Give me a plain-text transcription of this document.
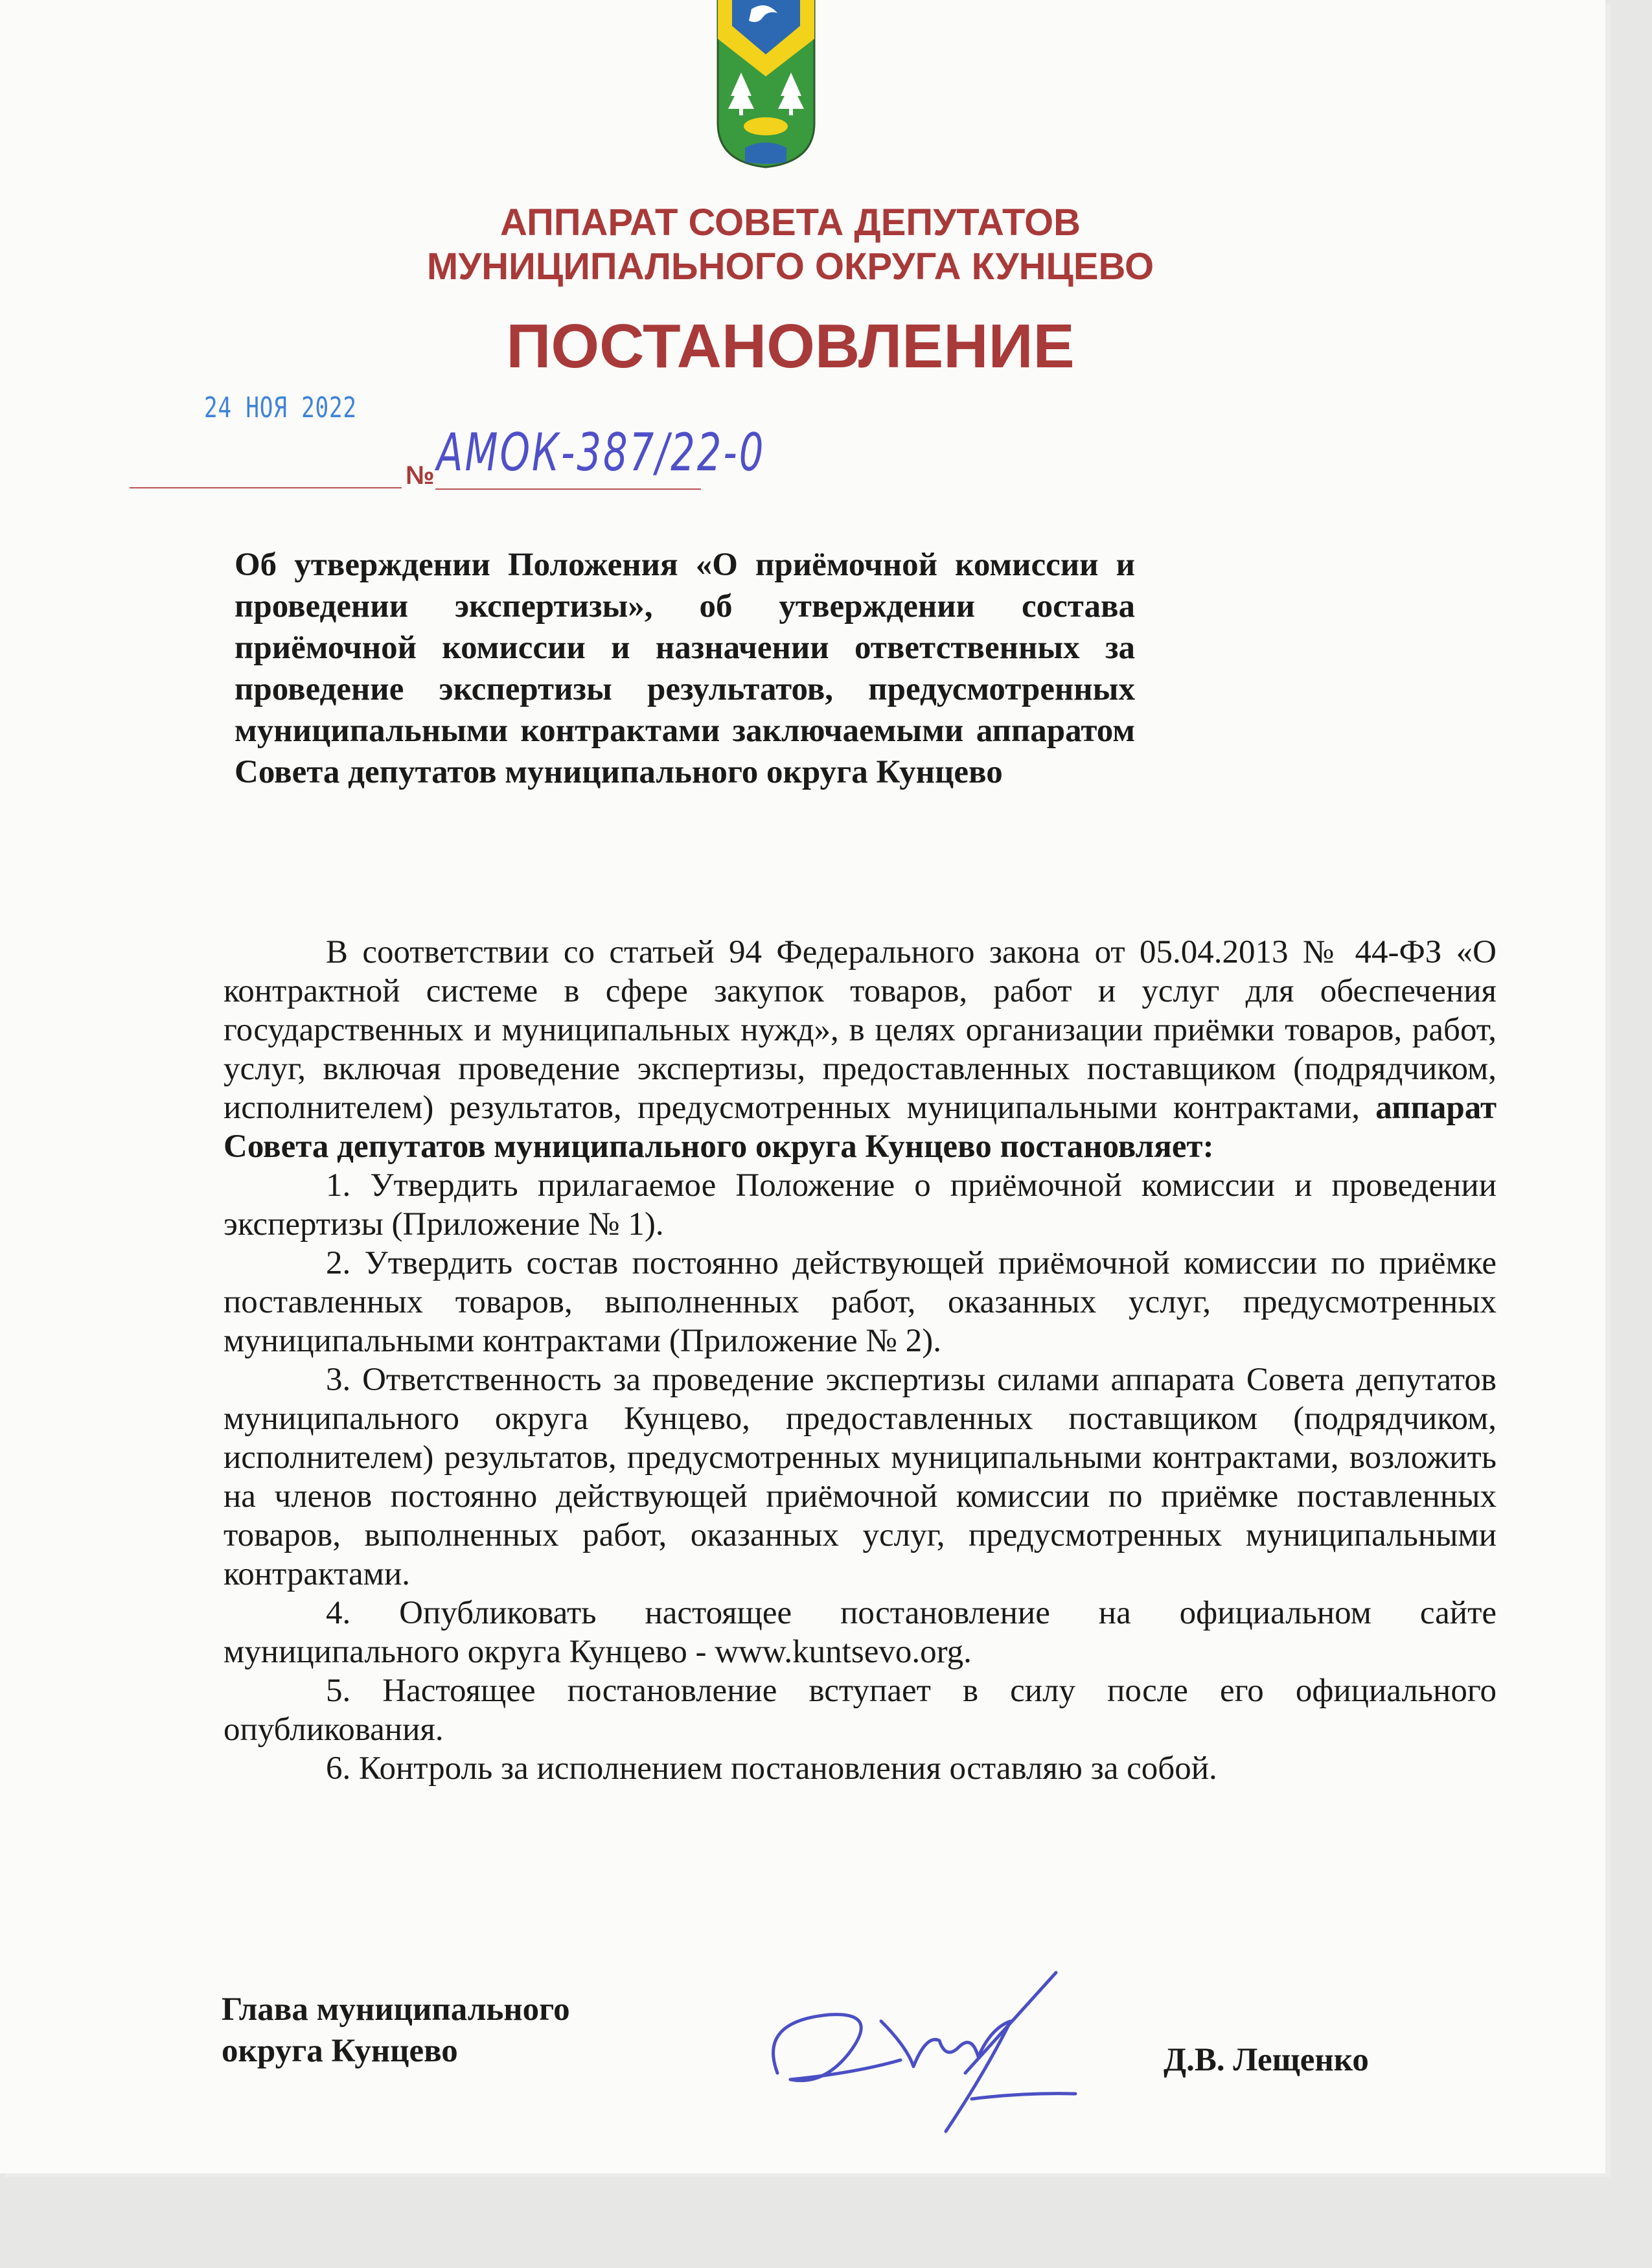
АППАРАТ СОВЕТА ДЕПУТАТОВ
МУНИЦИПАЛЬНОГО ОКРУГА КУНЦЕВО
ПОСТАНОВЛЕНИЕ
24 НОЯ 2022
№ АМОК-387/22-0
Об утверждении Положения «О приёмочной комиссии и проведении экспертизы», об утверждении состава приёмочной комиссии и назначении ответственных за проведение экспертизы результатов, предусмотренных муниципальными контрактами заключаемыми аппаратом Совета депутатов муниципального округа Кунцево

В соответствии со статьей 94 Федерального закона от 05.04.2013 № 44-ФЗ «О контрактной системе в сфере закупок товаров, работ и услуг для обеспечения государственных и муниципальных нужд», в целях организации приёмки товаров, работ, услуг, включая проведение экспертизы, предоставленных поставщиком (подрядчиком, исполнителем) результатов, предусмотренных муниципальными контрактами, аппарат Совета депутатов муниципального округа Кунцево постановляет:

1. Утвердить прилагаемое Положение о приёмочной комиссии и проведении экспертизы (Приложение № 1).

2. Утвердить состав постоянно действующей приёмочной комиссии по приёмке поставленных товаров, выполненных работ, оказанных услуг, предусмотренных муниципальными контрактами (Приложение № 2).

3. Ответственность за проведение экспертизы силами аппарата Совета депутатов муниципального округа Кунцево, предоставленных поставщиком (подрядчиком, исполнителем) результатов, предусмотренных муниципальными контрактами, возложить на членов постоянно действующей приёмочной комиссии по приёмке поставленных товаров, выполненных работ, оказанных услуг, предусмотренных муниципальными контрактами.

4. Опубликовать настоящее постановление на официальном сайте муниципального округа Кунцево - www.kuntsevo.org.

5. Настоящее постановление вступает в силу после его официального опубликования.

6. Контроль за исполнением постановления оставляю за собой.

Глава муниципального
округа Кунцево	Д.В. Лещенко
